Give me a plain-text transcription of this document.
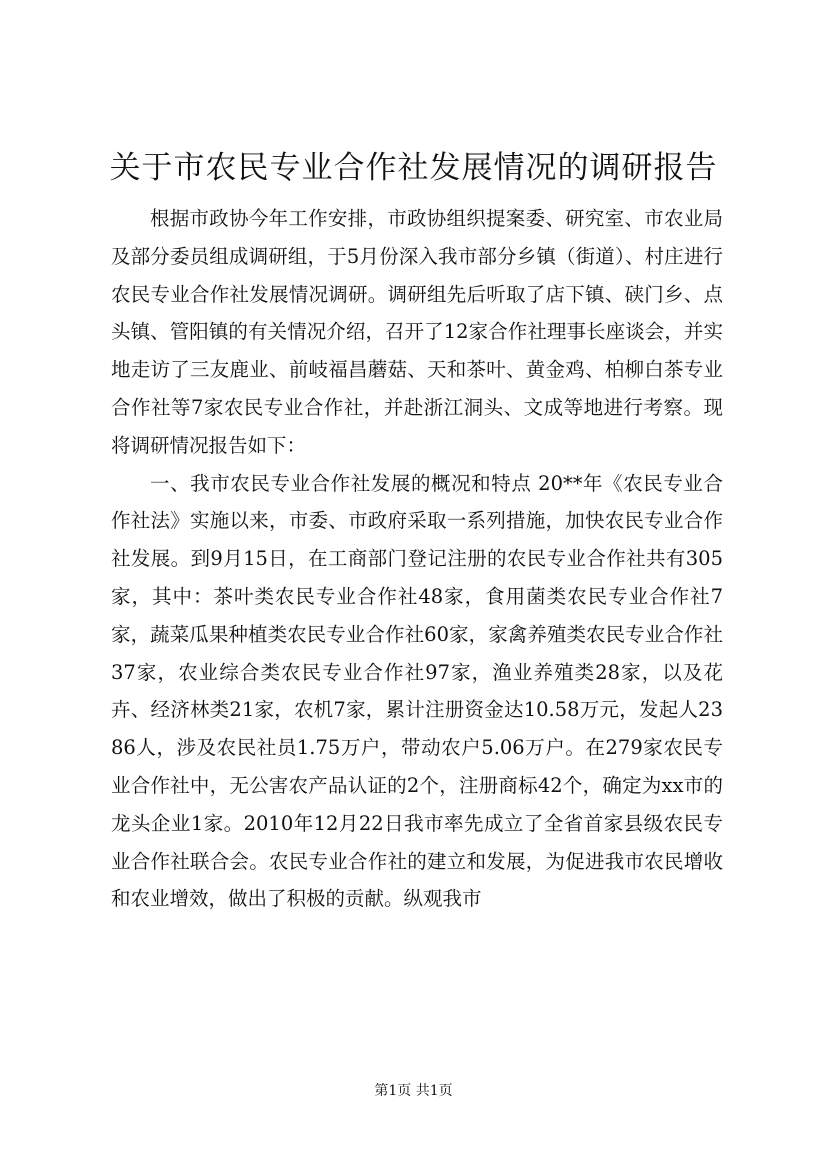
关于市农民专业合作社发展情况的调研报告

根据市政协今年工作安排，市政协组织提案委、研究室、市农业局及部分委员组成调研组，于5月份深入我市部分乡镇（街道）、村庄进行农民专业合作社发展情况调研。调研组先后听取了店下镇、硖门乡、点头镇、管阳镇的有关情况介绍，召开了12家合作社理事长座谈会，并实地走访了三友鹿业、前岐福昌蘑菇、天和茶叶、黄金鸡、柏柳白茶专业合作社等7家农民专业合作社，并赴浙江洞头、文成等地进行考察。现将调研情况报告如下：

一、我市农民专业合作社发展的概况和特点 20**年《农民专业合作社法》实施以来，市委、市政府采取一系列措施，加快农民专业合作社发展。到9月15日，在工商部门登记注册的农民专业合作社共有305家，其中：茶叶类农民专业合作社48家，食用菌类农民专业合作社7家，蔬菜瓜果种植类农民专业合作社60家，家禽养殖类农民专业合作社37家，农业综合类农民专业合作社97家，渔业养殖类28家，以及花卉、经济林类21家，农机7家，累计注册资金达10.58万元，发起人2386人，涉及农民社员1.75万户，带动农户5.06万户。在279家农民专业合作社中，无公害农产品认证的2个，注册商标42个，确定为xx市的龙头企业1家。2010年12月22日我市率先成立了全省首家县级农民专业合作社联合会。农民专业合作社的建立和发展，为促进我市农民增收和农业增效，做出了积极的贡献。纵观我市

第1页 共1页
